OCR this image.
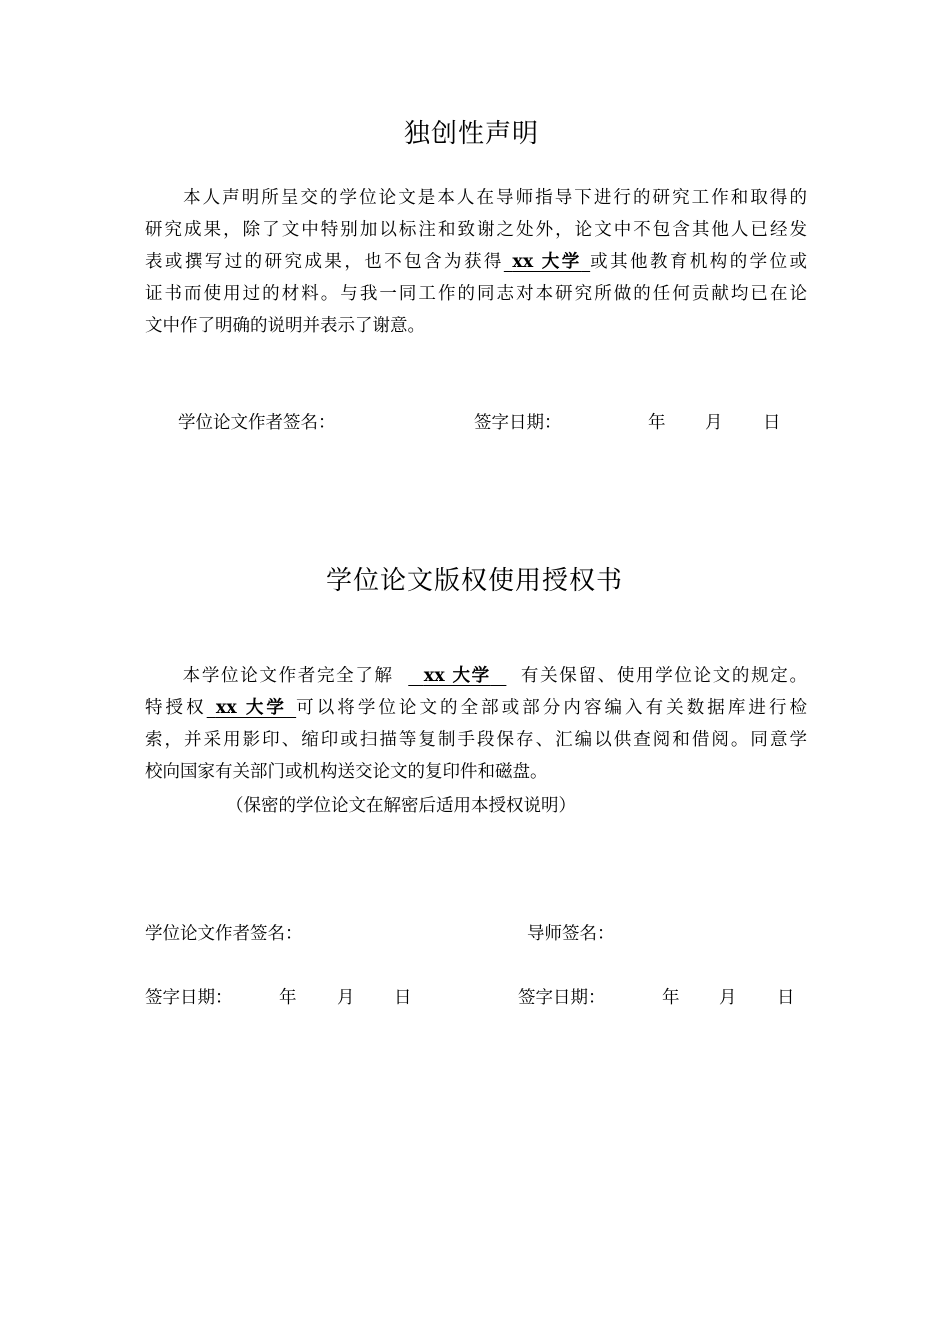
独创性声明

本人声明所呈交的学位论文是本人在导师指导下进行的研究工作和取得的

研究成果，除了文中特别加以标注和致谢之处外，论文中不包含其他人已经发

表或撰写过的研究成果，也不包含为获得 xx 大学 或其他教育机构的学位或

证书而使用过的材料。与我一同工作的同志对本研究所做的任何贡献均已在论

文中作了明确的说明并表示了谢意。

学位论文作者签名：	签字日期：	年 月 日
学位论文版权使用授权书

本学位论文作者完全了解 xx 大学 有关保留、使用学位论文的规定。

特授权 xx 大学 可以将学位论文的全部或部分内容编入有关数据库进行检

索，并采用影印、缩印或扫描等复制手段保存、汇编以供查阅和借阅。同意学

校向国家有关部门或机构送交论文的复印件和磁盘。

（保密的学位论文在解密后适用本授权说明）
学位论文作者签名：	导师签名：
签字日期：	年 月 日	签字日期：	年 月 日
